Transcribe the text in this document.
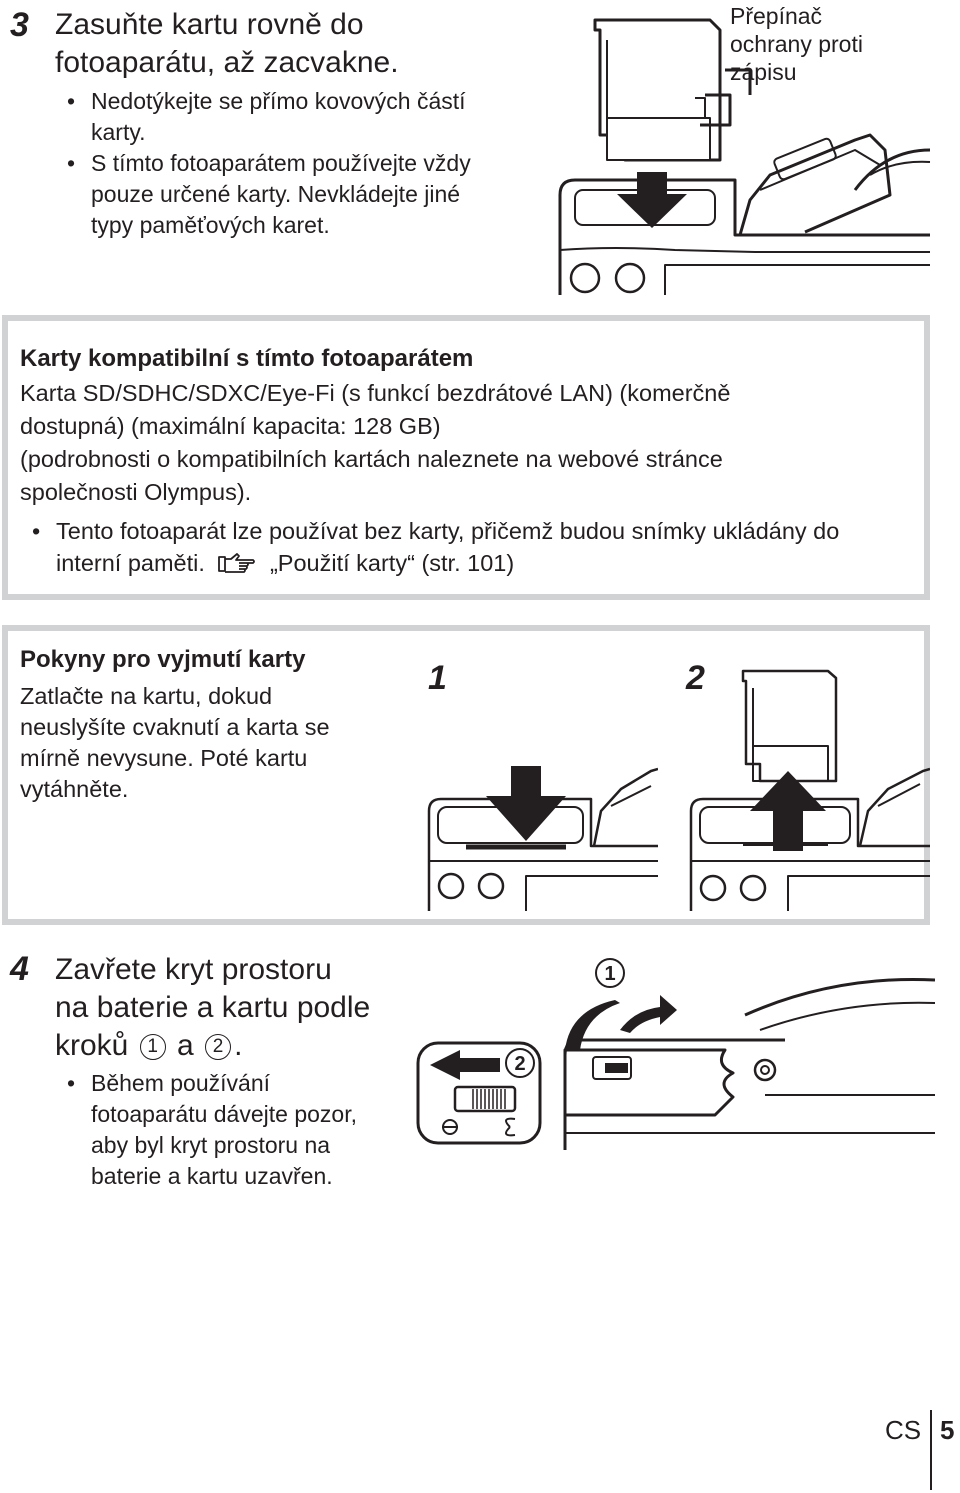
3 Zasuňte kartu rovně do
fotoaparátu, až zacvakne.
• Nedotýkejte se přímo kovových částí
karty.
• S tímto fotoaparátem používejte vždy
pouze určené karty. Nevkládejte jiné
typy paměťových karet.
Přepínač
ochrany proti
zápisu
Karty kompatibilní s tímto fotoaparátem
Karta SD/SDHC/SDXC/Eye-Fi (s funkcí bezdrátové LAN) (komerčně
dostupná) (maximální kapacita: 128 GB)
(podrobnosti o kompatibilních kartách naleznete na webové stránce
společnosti Olympus).
• Tento fotoaparát lze používat bez karty, přičemž budou snímky ukládány do
interní paměti.	„Použití karty“ (str. 101)
Pokyny pro vyjmutí karty
Zatlačte na kartu, dokud
neuslyšíte cvaknutí a karta se
mírně nevysune. Poté kartu
vytáhněte.
1	2
4 Zavřete kryt prostoru
na baterie a kartu podle
kroků 1 a 2 .
• Během používání
fotoaparátu dávejte pozor,
aby byl kryt prostoru na
baterie a kartu uzavřen.
1
2
CS 5
